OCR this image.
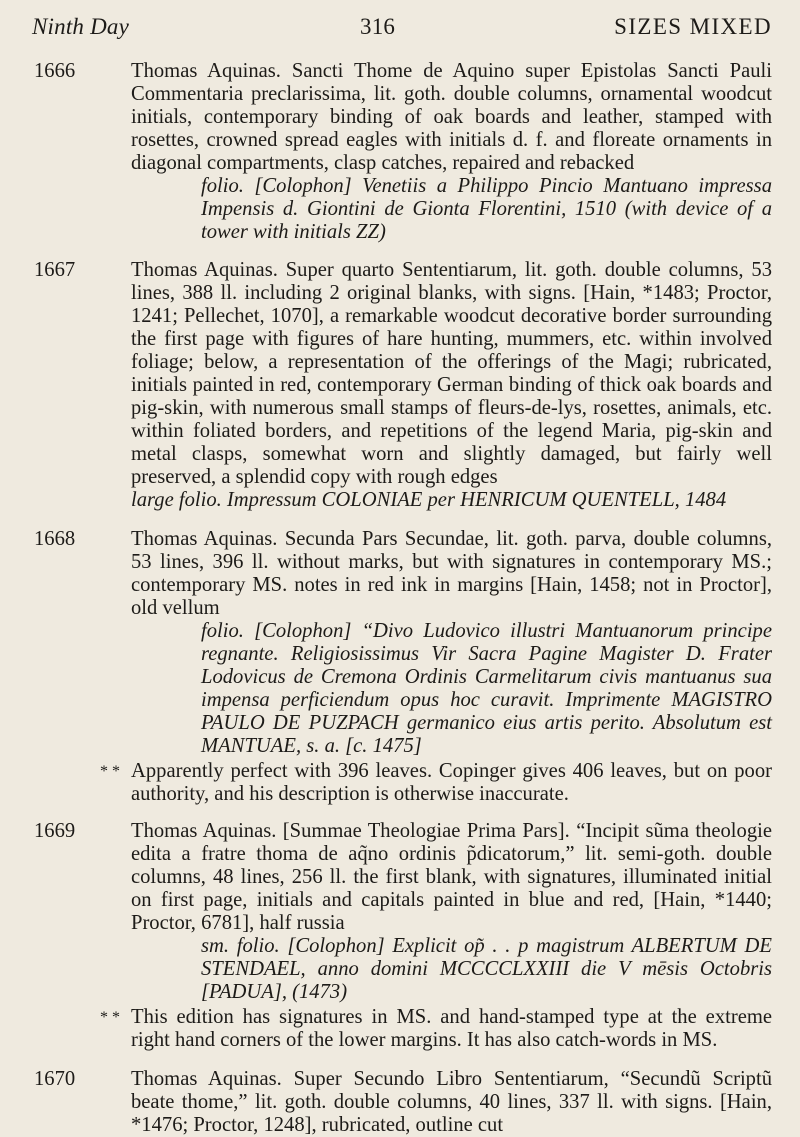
Ninth Day	316	SIZES MIXED
1666	Thomas Aquinas. Sancti Thome de Aquino super Epistolas Sancti Pauli Commentaria preclarissima, lit. goth. double columns, ornamental woodcut initials, contemporary binding of oak boards and leather, stamped with rosettes, crowned spread eagles with initials d. f. and floreate ornaments in diagonal compartments, clasp catches, repaired and rebacked

folio. [Colophon] Venetiis a Philippo Pincio Mantuano impressa Impensis d. Giontini de Gionta Florentini, 1510 (with device of a tower with initials ZZ)

1667	Thomas Aquinas. Super quarto Sententiarum, lit. goth. double columns, 53 lines, 388 ll. including 2 original blanks, with signs. [Hain, *1483; Proctor, 1241; Pellechet, 1070], a remarkable woodcut decorative border surrounding the first page with figures of hare hunting, mummers, etc. within involved foliage; below, a representation of the offerings of the Magi; rubricated, initials painted in red, contemporary German binding of thick oak boards and pig-skin, with numerous small stamps of fleurs-de-lys, rosettes, animals, etc. within foliated borders, and repetitions of the legend Maria, pig-skin and metal clasps, somewhat worn and slightly damaged, but fairly well preserved, a splendid copy with rough edges

large folio. Impressum COLONIAE per HENRICUM QUENTELL, 1484

1668	Thomas Aquinas. Secunda Pars Secundae, lit. goth. parva, double columns, 53 lines, 396 ll. without marks, but with signatures in contemporary MS.; contemporary MS. notes in red ink in margins [Hain, 1458; not in Proctor], old vellum

folio. [Colophon] “Divo Ludovico illustri Mantuanorum principe regnante. Religiosissimus Vir Sacra Pagine Magister D. Frater Lodovicus de Cremona Ordinis Carmelitarum civis mantuanus sua impensa perficiendum opus hoc curavit. Imprimente MAGISTRO PAULO DE PUZPACH germanico eius artis perito. Absolutum est MANTUAE, s. a. [c. 1475]

* * Apparently perfect with 396 leaves. Copinger gives 406 leaves, but on poor authority, and his description is otherwise inaccurate.

1669	Thomas Aquinas. [Summae Theologiae Prima Pars]. “Incipit sũma theologie edita a fratre thoma de aq̃no ordinis p̃dicatorum,” lit. semi-goth. double columns, 48 lines, 256 ll. the first blank, with signatures, illuminated initial on first page, initials and capitals painted in blue and red, [Hain, *1440; Proctor, 6781], half russia

sm. folio. [Colophon] Explicit op̃ . . p magistrum ALBERTUM DE STENDAEL, anno domini MCCCCLXXIII die V mēsis Octobris [PADUA], (1473)

* * This edition has signatures in MS. and hand-stamped type at the extreme right hand corners of the lower margins. It has also catch-words in MS.

1670	Thomas Aquinas. Super Secundo Libro Sententiarum, “Secundũ Scriptũ beate thome,” lit. goth. double columns, 40 lines, 337 ll. with signs. [Hain, *1476; Proctor, 1248], rubricated, outline cut
